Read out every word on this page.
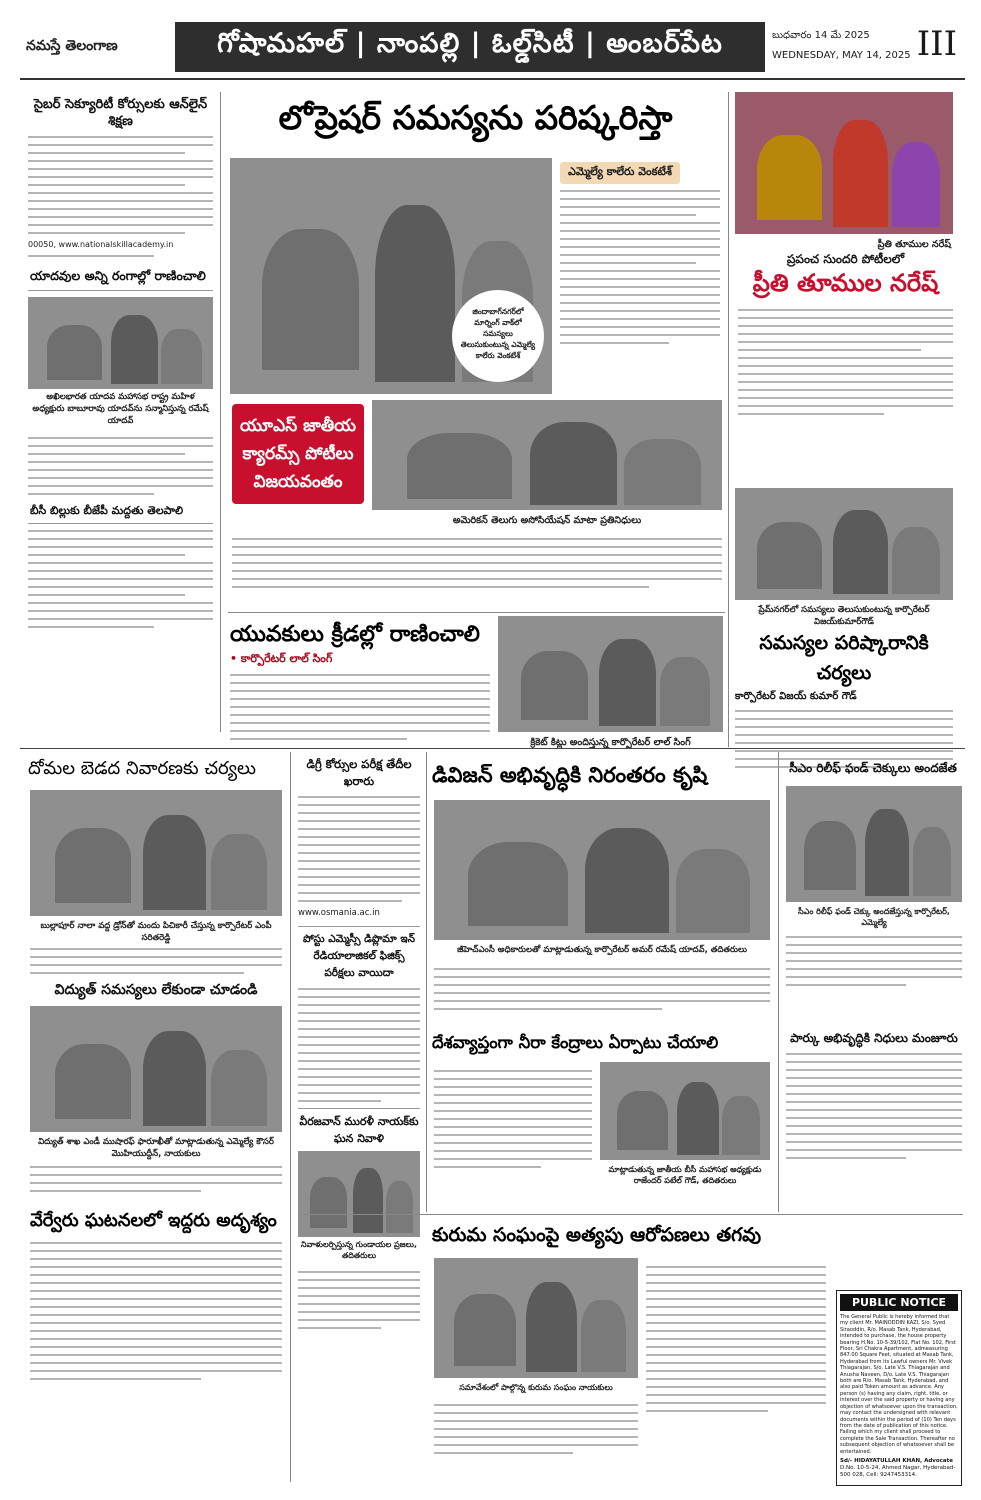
నమస్తే తెలంగాణ	గోషామహల్ | నాంపల్లి | ఓల్డ్‌సిటీ | అంబర్‌పేట	బుధవారం 14 మే 2025
WEDNESDAY, MAY 14, 2025 III
సైబర్ సెక్యూరిటీ కోర్సులకు ఆన్‌లైన్ శిక్షణ
00050, www.nationalskillacademy.in
యాదవుల అన్ని రంగాల్లో రాణించాలి
అఖిలభారత యాదవ మహాసభ రాష్ట్ర మహిళ అధ్యక్షురు బాబూరావు యాదవ్‌ను సన్మానిస్తున్న రమేష్ యాదవ్
బీసీ బిల్లుకు బీజేపీ మద్దతు తెలపాలి
లోప్రెషర్ సమస్యను పరిష్కరిస్తా
జిందాబాగ్‌నగర్‌లో మార్నింగ్ వాక్‌లో సమస్యలు తెలుసుకుంటున్న ఎమ్మెల్యే కాలేరు వెంకటేశ్
ఎమ్మెల్యే కాలేరు వెంకటేశ్
యూఎస్ జాతీయ క్యారమ్స్ పోటీలు విజయవంతం
అమెరికన్ తెలుగు అసోసియేషన్ మాటా ప్రతినిధులు
యువకులు క్రీడల్లో రాణించాలి
• కార్పొరేటర్ లాల్ సింగ్
క్రికెట్ కిట్లు అందిస్తున్న కార్పొరేటర్ లాల్ సింగ్
ప్రీతి తూముల నరేష్
ప్రపంచ సుందరి పోటీలలో
ప్రీతి తూముల నరేష్
ప్రేమ్‌నగర్‌లో సమస్యలు తెలుసుకుంటున్న కార్పొరేటర్ విజయ్‌కుమార్‌గౌడ్
సమస్యల పరిష్కారానికి చర్యలు
కార్పొరేటర్ విజయ్ కుమార్ గౌడ్
దోమల బెడద నివారణకు చర్యలు
బుల్లాపూర్ నాలా వద్ద డ్రోన్‌తో మందు పిచికారీ చేస్తున్న కార్పొరేటర్ ఎంపీ సరితరెడ్డి
విద్యుత్ సమస్యలు లేకుండా చూడండి
విద్యుత్ శాఖ ఎండీ ముషారఫ్ ఫారూఖీతో మాట్లాడుతున్న ఎమ్మెల్యే కౌసర్ మొహియుద్దీన్, నాయకులు
వేర్వేరు ఘటనలలో ఇద్దరు అదృశ్యం
డిగ్రీ కోర్సుల పరీక్ష తేదీల ఖరారు
www.osmania.ac.in
పోస్టు ఎమ్మెస్సీ డిప్లొమా ఇన్ రేడియాలాజికల్ ఫిజిక్స్ పరీక్షలు వాయిదా
వీరజవాన్ మురళీ నాయక్‌కు ఘన నివాళి
నివాళులర్పిస్తున్న గుండాయల ప్రజలు, తదితరులు
డివిజన్ అభివృద్ధికి నిరంతరం కృషి
జీహెచ్ఎంసీ అధికారులతో మాట్లాడుతున్న కార్పొరేటర్ అమర్ రమేష్ యాదవ్, తదితరులు
దేశవ్యాప్తంగా నీరా కేంద్రాలు ఏర్పాటు చేయాలి
మాట్లాడుతున్న జాతీయ బీసీ మహాసభ అధ్యక్షుడు రాజేందర్ పటేల్ గౌడ్, తదితరులు
కురుమ సంఘంపై అత్యపు ఆరోపణలు తగవు
సమావేశంలో పాల్గొన్న కురుమ సంఘం నాయకులు
సీఎం రిలీఫ్ ఫండ్ చెక్కులు అందజేత
సీఎం రిలీఫ్ ఫండ్ చెక్కు అందజేస్తున్న కార్పొరేటర్, ఎమ్మెల్యే
పార్కు అభివృద్ధికి నిధులు మంజూరు
PUBLIC NOTICE
The General Public is hereby informed that my client Mr. MAINODDIN KAZI, S/o. Syed Siraoddin, R/o. Masab Tank, Hyderabad, intended to purchase, the house property bearing H.No. 10-5-39/102, Flat No. 102, First Floor, Sri Chakra Apartment, admeasuring 847.00 Square Feet, situated at Masab Tank, Hyderabad from its Lawful owners Mr. Vivek Thiagarajan, S/o. Late V.S. Thiagarajan and Anusha Naveen, D/o. Late V.S. Thiagarajan both are R/o. Masab Tank, Hyderabad, and also paid Token amount as advance. Any person (s) having any claim, right, title, or interest over the said property or having any objection of whatsoever upon the transaction, may contact the undersigned with relevant documents within the period of (10) Ten days from the date of publication of this notice. Failing which my client shall proceed to complete the Sale Transaction. Thereafter no subsequent objection of whatsoever shall be entertained.
Sd/- HIDAYATULLAH KHAN, Advocate
D.No. 10-5-24, Ahmed Nagar, Hyderabad-500 028, Cell: 9247453314.
